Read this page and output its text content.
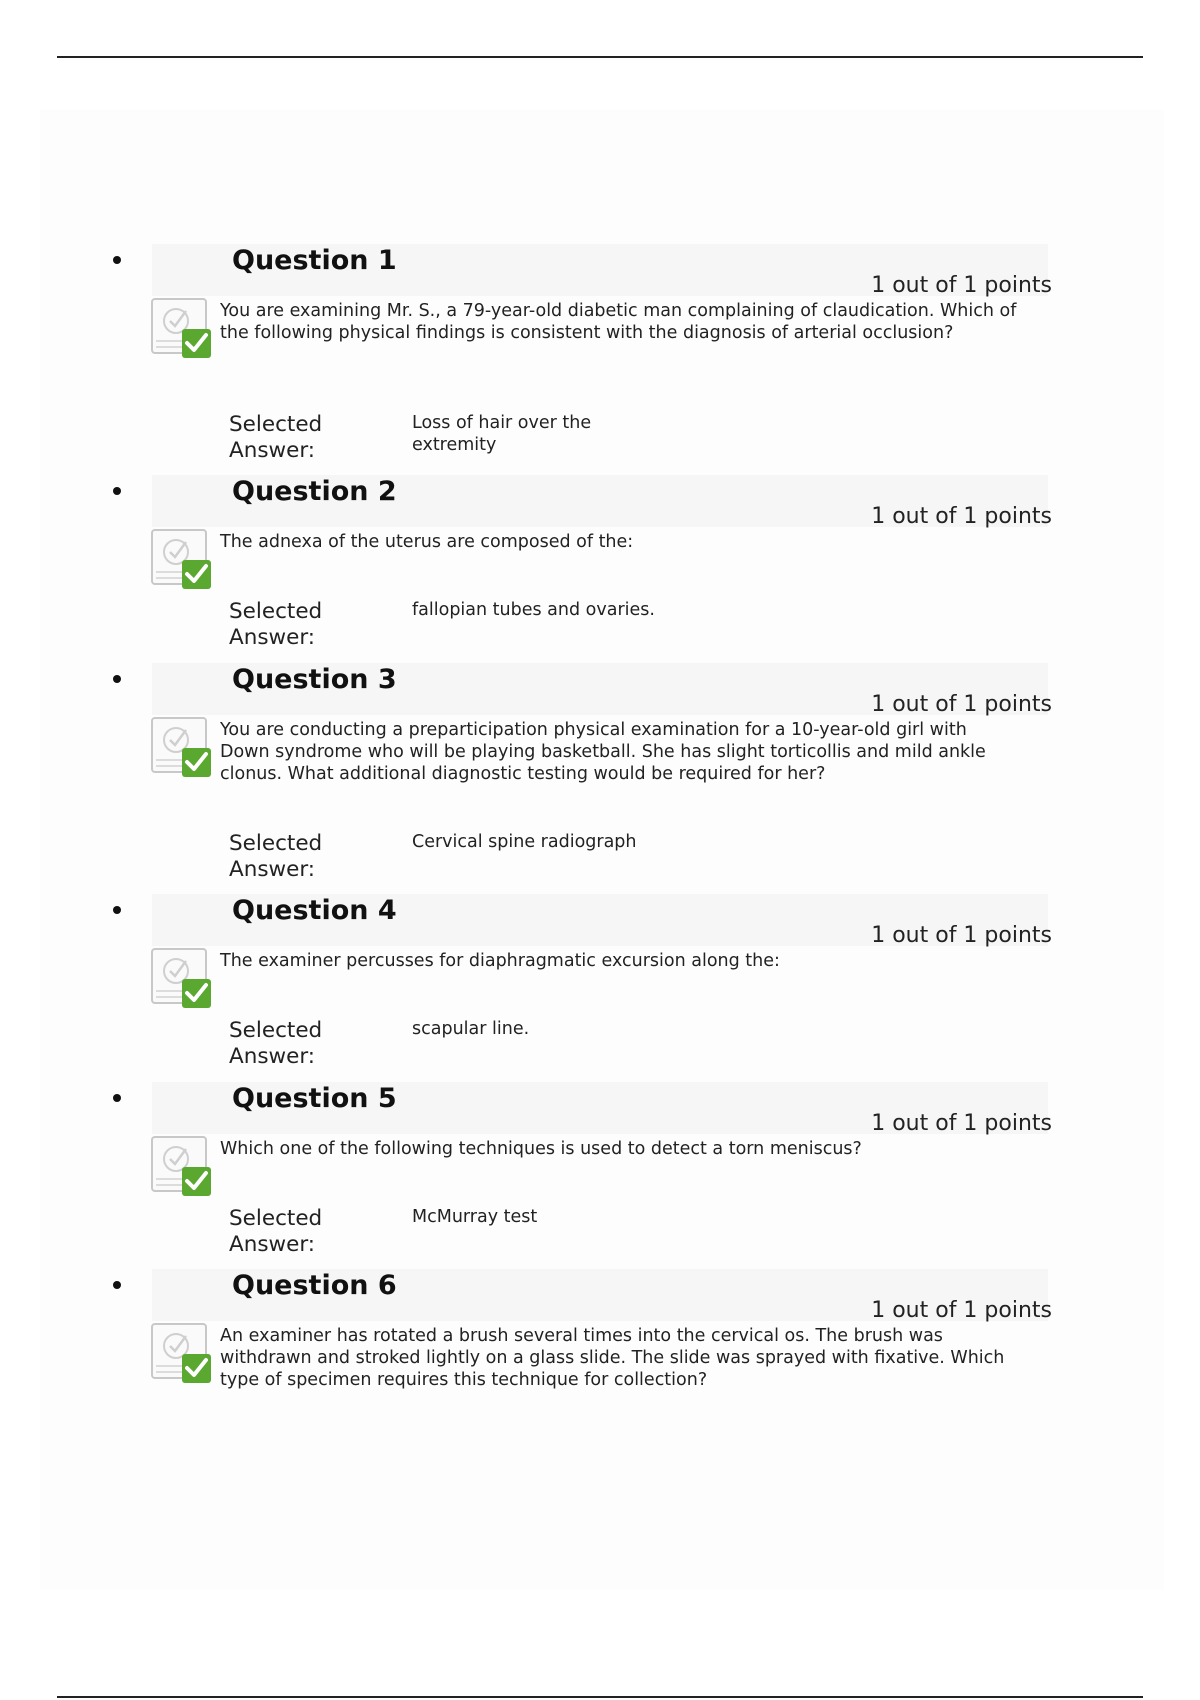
Question 1
1 out of 1 points
You are examining Mr. S., a 79-year-old diabetic man complaining of claudication. Which of the following physical findings is consistent with the diagnosis of arterial occlusion?
Selected Answer:
Loss of hair over the extremity
Question 2
1 out of 1 points
The adnexa of the uterus are composed of the:
Selected Answer:
fallopian tubes and ovaries.
Question 3
1 out of 1 points
You are conducting a preparticipation physical examination for a 10-year-old girl with Down syndrome who will be playing basketball. She has slight torticollis and mild ankle clonus. What additional diagnostic testing would be required for her?
Selected Answer:
Cervical spine radiograph
Question 4
1 out of 1 points
The examiner percusses for diaphragmatic excursion along the:
Selected Answer:
scapular line.
Question 5
1 out of 1 points
Which one of the following techniques is used to detect a torn meniscus?
Selected Answer:
McMurray test
Question 6
1 out of 1 points
An examiner has rotated a brush several times into the cervical os. The brush was withdrawn and stroked lightly on a glass slide. The slide was sprayed with fixative. Which type of specimen requires this technique for collection?
